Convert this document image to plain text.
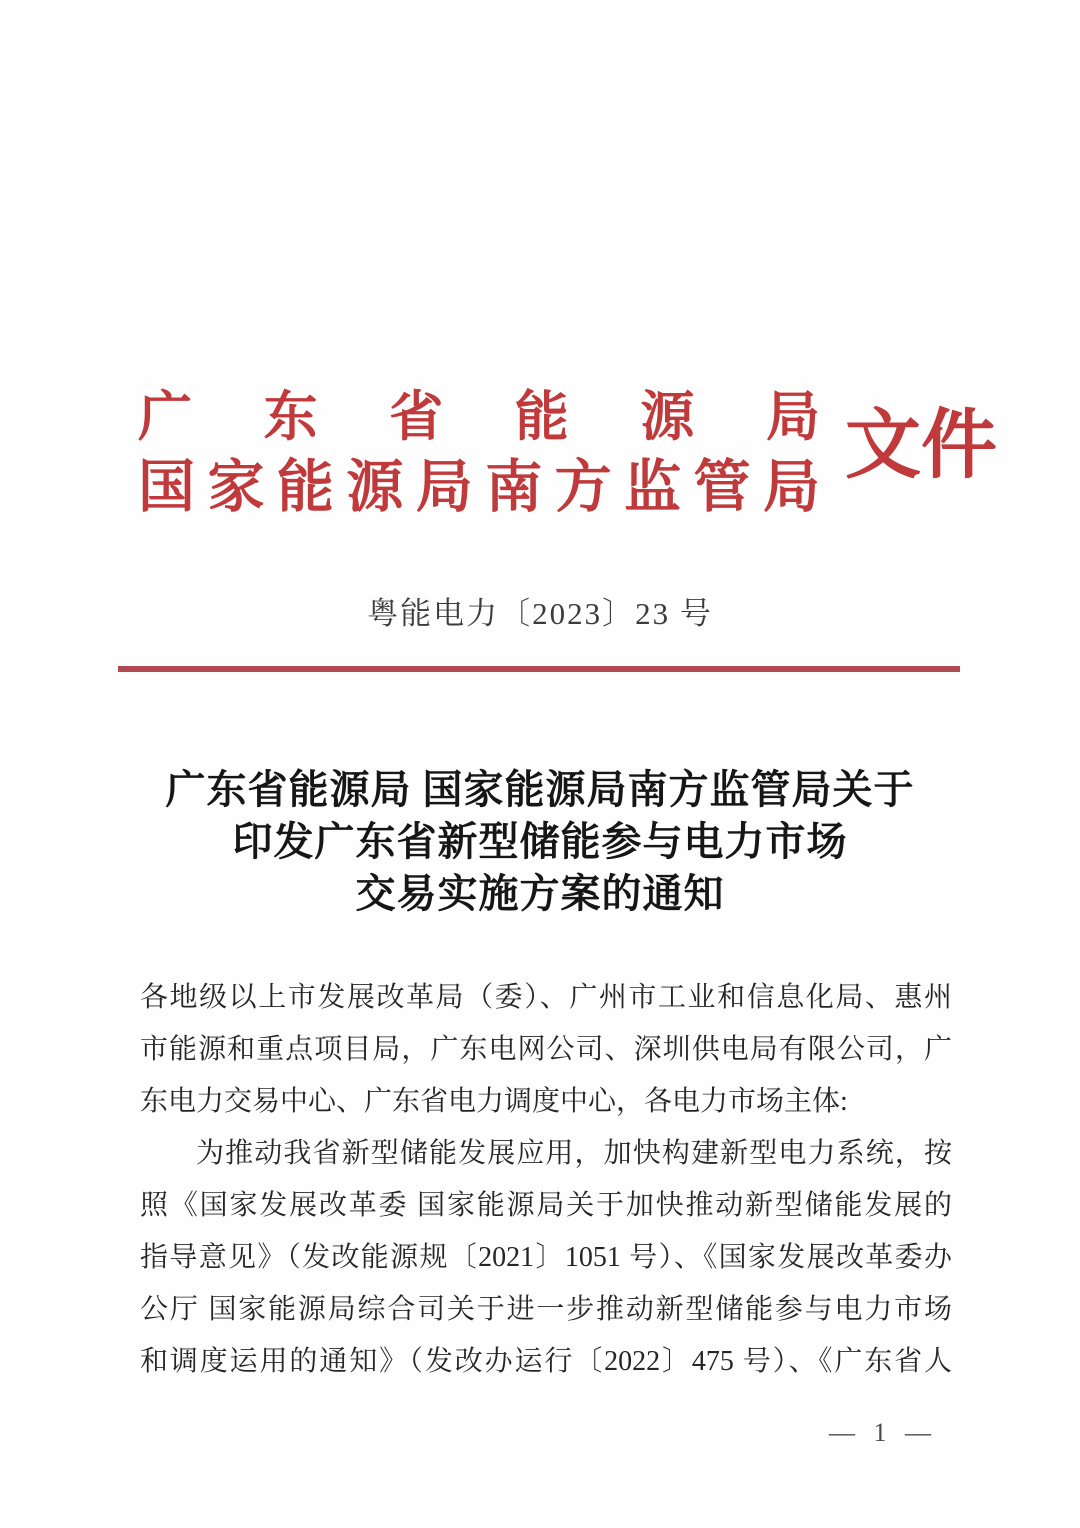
广东省能源局
国家能源局南方监管局 文件
粤能电力〔2023〕23 号
广东省能源局 国家能源局南方监管局关于
印发广东省新型储能参与电力市场
交易实施方案的通知
各地级以上市发展改革局（委）、广州市工业和信息化局、惠州
市能源和重点项目局，广东电网公司、深圳供电局有限公司，广
东电力交易中心、广东省电力调度中心，各电力市场主体:
为推动我省新型储能发展应用，加快构建新型电力系统，按
照《国家发展改革委 国家能源局关于加快推动新型储能发展的
指导意见》（发改能源规〔2021〕1051 号）、《国家发展改革委办
公厅 国家能源局综合司关于进一步推动新型储能参与电力市场
和调度运用的通知》（发改办运行〔2022〕475 号）、《广东省人
— 1 —
